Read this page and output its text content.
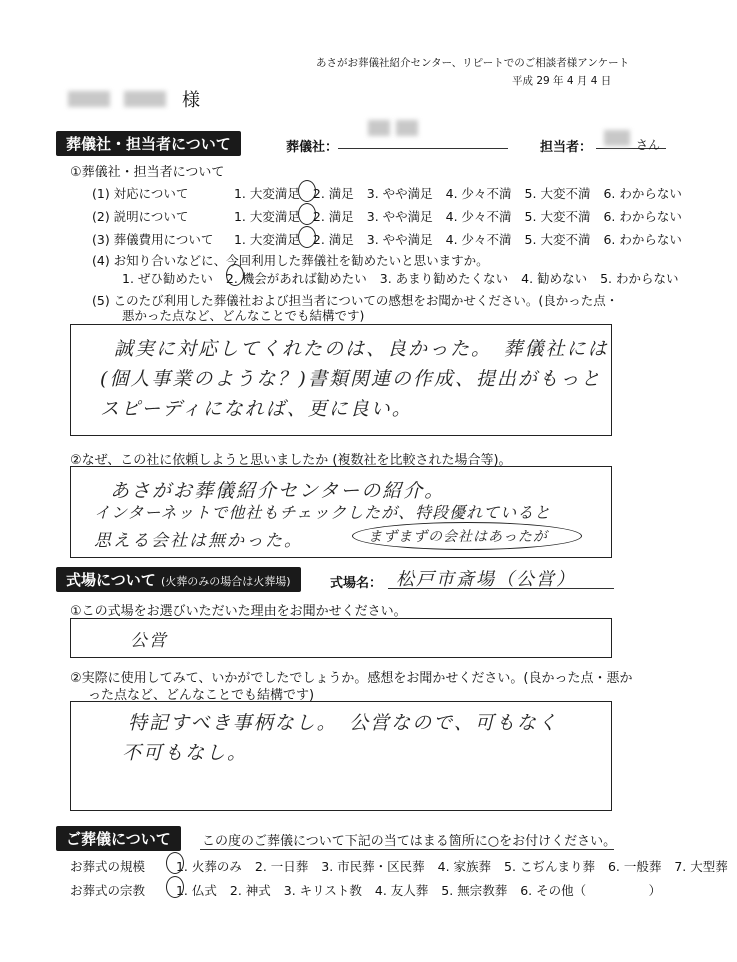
あさがお葬儀社紹介センター、リピートでのご相談者様アンケート
平成 29 年 4 月 4 日
様
葬儀社・担当者について	葬儀社：	担当者：	さん
①葬儀社・担当者について
(1) 対応について	1. 大変満足 2. 満足 3. やや満足 4. 少々不満 5. 大変不満 6. わからない
(2) 説明について	1. 大変満足 2. 満足 3. やや満足 4. 少々不満 5. 大変不満 6. わからない
(3) 葬儀費用について 1. 大変満足 2. 満足 3. やや満足 4. 少々不満 5. 大変不満 6. わからない
(4) お知り合いなどに、今回利用した葬儀社を勧めたいと思いますか。
1. ぜひ勧めたい 2. 機会があれば勧めたい 3. あまり勧めたくない 4. 勧めない 5. わからない
(5) このたび利用した葬儀社および担当者についての感想をお聞かせください。(良かった点・
悪かった点など、どんなことでも結構です)
誠実に対応してくれたのは、良かった。　葬儀社には
(個人事業のような？)書類関連の作成、提出がもっと
スピーディになれば、更に良い。
②なぜ、この社に依頼しようと思いましたか (複数社を比較された場合等)。
あさがお葬儀紹介センターの紹介。
インターネットで他社もチェックしたが、特段優れていると
思える会社は無かった。	まずまずの会社はあったが
式場について (火葬のみの場合は火葬場)	式場名： 松戸市斎場（公営）
①この式場をお選びいただいた理由をお聞かせください。
公営
②実際に使用してみて、いかがでしたでしょうか。感想をお聞かせください。(良かった点・悪か
った点など、どんなことでも結構です)
特記すべき事柄なし。　公営なので、可もなく
不可もなし。
ご葬儀について	この度のご葬儀について下記の当てはまる箇所に○をお付けください。
お葬式の規模 1. 火葬のみ 2. 一日葬 3. 市民葬・区民葬 4. 家族葬 5. こぢんまり葬 6. 一般葬 7. 大型葬
お葬式の宗教 1. 仏式 2. 神式 3. キリスト教 4. 友人葬 5. 無宗教葬 6. その他（　　　　　）
